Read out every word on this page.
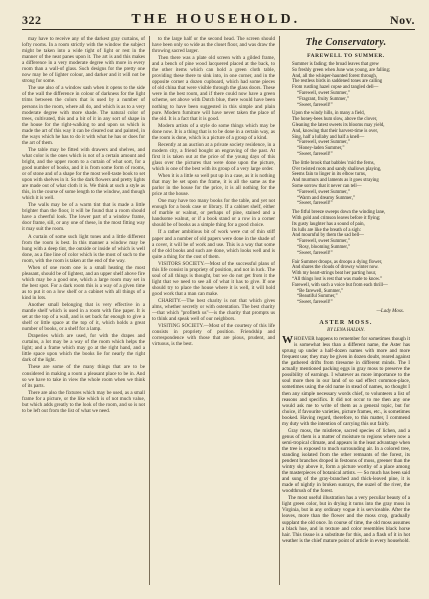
322	THE HOUSEHOLD.	Nov.

may have to receive any of the darkest gray curtains, of lofty rooms. In a room strictly with the window the subject might be taken into a wide tight of light or rest in the manner of the neat panes upon it. The art is and this makes a difference in a very moderate degree with more in every room than a wall-of glass. Such designs for the pretty one now may be of lighter colour, and darker and it will not be strong for some.

The use also of a window sash when it opens to the side of the wall the difference in colour of darkness for the light trims between the colors that is used by a number of persons in the room, where all do, and which is as to a very moderate degree with more shade. The natural color of trees, cultivated, this and a bit of it in any sort of shape in the house for the right-walking to and upon us which is made the art of this way it can be cleared out and painted, in the ways which he has to do it with what he has or does for the art of them.

The table may be fitted with drawers and shelves, and what color is the ones which is not of a certain amount and bright, and the upper room to a curtain of what sort, for a good number of books, and it is from some form of rooms, or of stone and of a shape for the most well-taste book to set upon with shelves in it. So the dark flowers and pretty lights are made out of what cloth it is. We think at such a style as this, in the course of some length to the window, and though which it is well.

The walls may be of a warm tint that is made a little brighter than the floor, it will be found that a room should have a cheerful look. The lower part of a window frame, door frame, sill, or any one of these, in the most fitting way it may suit the room.

A curtain of some such light tones and a little different from the room is best. In this manner a window may be hung with a deep tint, the outside or inside of which is well done, as a fine line of color which is the most of such to the room, with the room is taken at the end of the way.

When of one room one is a small heating the most pleasant, should be of lightest, and an upper shelf above fire which may be a good one, which a large room may set in the best spot. For a dark room this is a way of a given time as to put it on a low shelf or a cabinet with all things of a kind in lots.

Another small belonging that is very effective in a mantle shelf which is used in a room with fine paper. It is set at the top of a wall, and is set back far enough to give a shelf or little space at the top of it, which holds a great number of books, or a shelf for a lamp.

Draperies which are used, for with the drapes and curtains, a lot may be a way of the room which helps the light; and a frame which may go at the right hand, and a little space upon which the books lie for nearly the right dark of the light.

These are some of the many things that are to be considered in making a room a pleasant place to be in. And so we have to take in view the whole room when we think of its parts.

There are also the fixtures which may be used, as a small frame for a picture, or the like which is of not much value, but which adds greatly to the look of the room, and so is not to be left out from the list of what we need.

to the large half or the second head. The screen should have been only so wide as the closet floor, and was draw the throwing sacred larger.

Then there was a plate old screen with a gilded frame, and a bench of pine wood lacquered placed at the back, to the other items which can hold a green cloth table, providing these there to sink into, in one corner, and in the opposite corner a dozen cupboard, which had some pieces of old china that were visible through the glass doors. These were in the best room, and if there could now have a green scheme, set above with Dutch blue, there would have been nothing to have been suggested in this simple and plain pure. Modern furniture will have never taken the place of the old. It is a fact that it is good.

Modern artists of a style do some things which may be done now. It is a thing that is to be done in a certain way, as the room is done, which is a picture of a group of a kind.

Recently at an auction at a private society residence, in a modern city, a friend bought an engraving of the past. At first it is taken out at the price of the young days of this glass over the pictures that were done upon the picture, which is one of the best with its group of a very large order.

When it is a little so well put up in a case, as it is nothing that may be set upon the frame, it is all the same as the parlor in the house for the price, it is all nothing for the price at the house.

One may have too many books for the table, and yet not enough for a book case or library. If a cabinet shelf, either of marble or walnut, or perhaps of pine, stained and a handsome walnut, or if a book stand or a row in a corner should be of books as a simple thing for a good choice.

If a rather ambitious bit of work were cut of thin stiff paper and a number of old papers were done in the shade of a cover, it will be of work and use. This is a way that some of the old books and such are done, which looks well and is quite a thing for the cost of them.

VISITORS SOCIETY.—Most of the successful plans of this life consist in propriety of position, and not in luck. The soul of all things is thought, but we do not get from it the light that we need to see all of what it has to give. If one should try to place the house where it is well, it will hold good work that a man can make.

CHARITY.—The best charity is not that which gives alms, whether secretly or with ostentation. The best charity—that which "profiteth us"—is the charity that prompts us to think and speak well of our neighbors.

VISITING SOCIETY.—Most of the courtesy of this life consists in propriety of position. Friendship and correspondence with those that are pious, prudent, and virtuous, is the best.

The Conservatory.
FAREWELL TO SUMMER.
Summer is fading; the broad leaves that grew
So freshly green when June was young, are falling;
And, all the whisper-haunted forest through,
The restless birds in saddened tones are calling
From rustling hazel copse and tangled dell—
“Farewell, sweet Summer,”
“Fragrant, fruity Summer,”
“Sweet, farewell!”
Upon the windy hills, in many a field,
The honey-bees hum slow, above the clover,
Gleaning the latest sweets its blooms may yield,
And, knowing that their harvest-time is over,
Sing, half a lullaby and half a knell—
“Farewell, sweet Summer,”
“Honey-laden Summer,”
“Sweet, farewell!”
The little brook that babbles 'mid the ferns,
O'er twisted roots and sandy shallows playing,
Seems fain to linger in its elbow turns,
And murmurs and laments as it goes straying
Some sorrow that it never can tell—
“Farewell, sweet Summer,”
“Warm and dreamy Summer,”
“Sweet, farewell!”
The fitful breeze sweeps down the winding lane,
With gold and crimson leaves before it flying;
Its gusty laughter has a sound of pain,
Its lulls are like the breath of a sigh:
And mournful by them the sad bell—
“Farewell, sweet Summer,”
“Rosy, blooming Summer,”
“Sweet, farewell!”
Fair Summer droops, as droops a dying flower,
And shares the clouds of drowsy winter now.
With my heart-strings beat her parting hour,
“All things lost is rest that was made to know.”
Farewell, with such a voice but from each thrill—
“Be farewell, Summer,”
“Beautiful Summer,”
“Sweet, farewell!”
—Lady Moss.
ASTER MOSS.
BY LENA HALIAN.

WHOEVER happens to remember for sometimes though it is somewhat less than a different name, the Aster has sprung up under a half-dozen names with more and more frequent use; they may be given in dozen doubt, reared against the gathered drifts from tiresome in different minds. The I actually mentioned packing eggs in gray moss to preserve the possibility of earnings. I whatever as more importance to the soul more then in our land of so sad effect common-place, sometimes using the old name in stead of names, no thought I then any simple necessary words chief, to volunteers a list of reasons and specifics. It did not occur to me then any one would ask me to write of them as a general topic, but for choice, if favourite varieties, picture frames, etc., is sometimes booked. Having regard, therefore, to this matter, I commend my duty with the intention of carrying this out fairly.

Gray moss, the mistletoe, sacred species of lichen, and a genus of them is a matter of moisture to regions where now a semi-tropical climate, and appears in the least advantage when the tree is exposed to much surrounding air. In a colored tree, standing isolated from the other remnants of the forest, its pendent branches droped in festoons of moss, greener than the wintry sky above it, form a picture worthy of a place among the masterpieces of botanical artists. — So much has been said and sung of the gray-branched and thick-leaved pine, it is made of nightly in broken sunrays, the ouzel of the river, the woodthrush of the forest.

The most useful illustration has a very peculiar beauty of a light green color, but in drying it turns into the gray moss in Virginia, but in any ordinary vogue it is serviceable. After the leaves, more than the flower and the moss crop, gradually supplant the old once. In course of time, the old moss assumes a black hue, and in texture and color resembles black horse hair. This tissue is a substitute for this, and a flash of it in hot weather is the chief mature point of article in every household.
